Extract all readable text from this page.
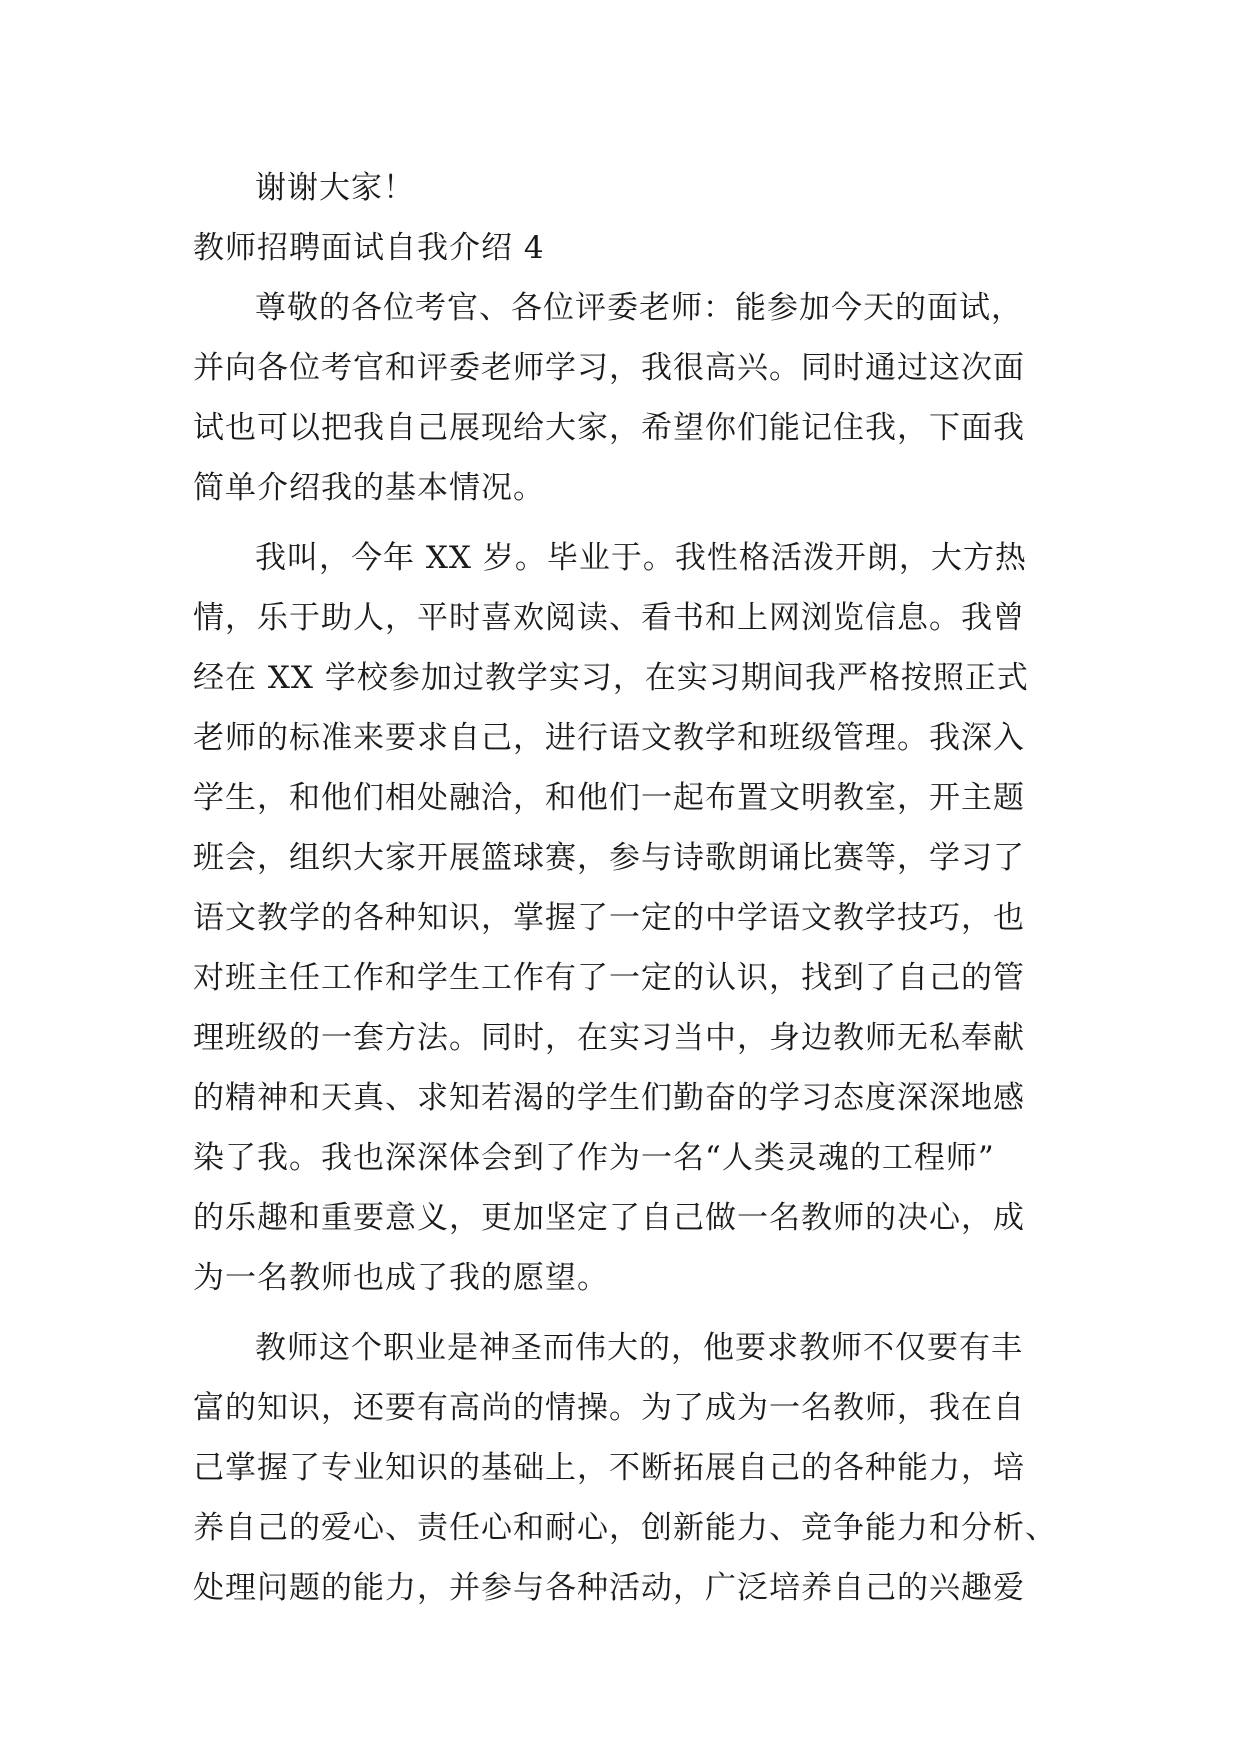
谢谢大家！
教师招聘面试自我介绍 4
尊敬的各位考官、各位评委老师：能参加今天的面试，
并向各位考官和评委老师学习，我很高兴。同时通过这次面
试也可以把我自己展现给大家，希望你们能记住我，下面我
简单介绍我的基本情况。
我叫，今年 XX 岁。毕业于。我性格活泼开朗，大方热
情，乐于助人，平时喜欢阅读、看书和上网浏览信息。我曾
经在 XX 学校参加过教学实习，在实习期间我严格按照正式
老师的标准来要求自己，进行语文教学和班级管理。我深入
学生，和他们相处融洽，和他们一起布置文明教室，开主题
班会，组织大家开展篮球赛，参与诗歌朗诵比赛等，学习了
语文教学的各种知识，掌握了一定的中学语文教学技巧，也
对班主任工作和学生工作有了一定的认识，找到了自己的管
理班级的一套方法。同时，在实习当中，身边教师无私奉献
的精神和天真、求知若渴的学生们勤奋的学习态度深深地感
染了我。我也深深体会到了作为一名“人类灵魂的工程师”
的乐趣和重要意义，更加坚定了自己做一名教师的决心，成
为一名教师也成了我的愿望。
教师这个职业是神圣而伟大的，他要求教师不仅要有丰
富的知识，还要有高尚的情操。为了成为一名教师，我在自
己掌握了专业知识的基础上，不断拓展自己的各种能力，培
养自己的爱心、责任心和耐心，创新能力、竞争能力和分析、
处理问题的能力，并参与各种活动，广泛培养自己的兴趣爱
